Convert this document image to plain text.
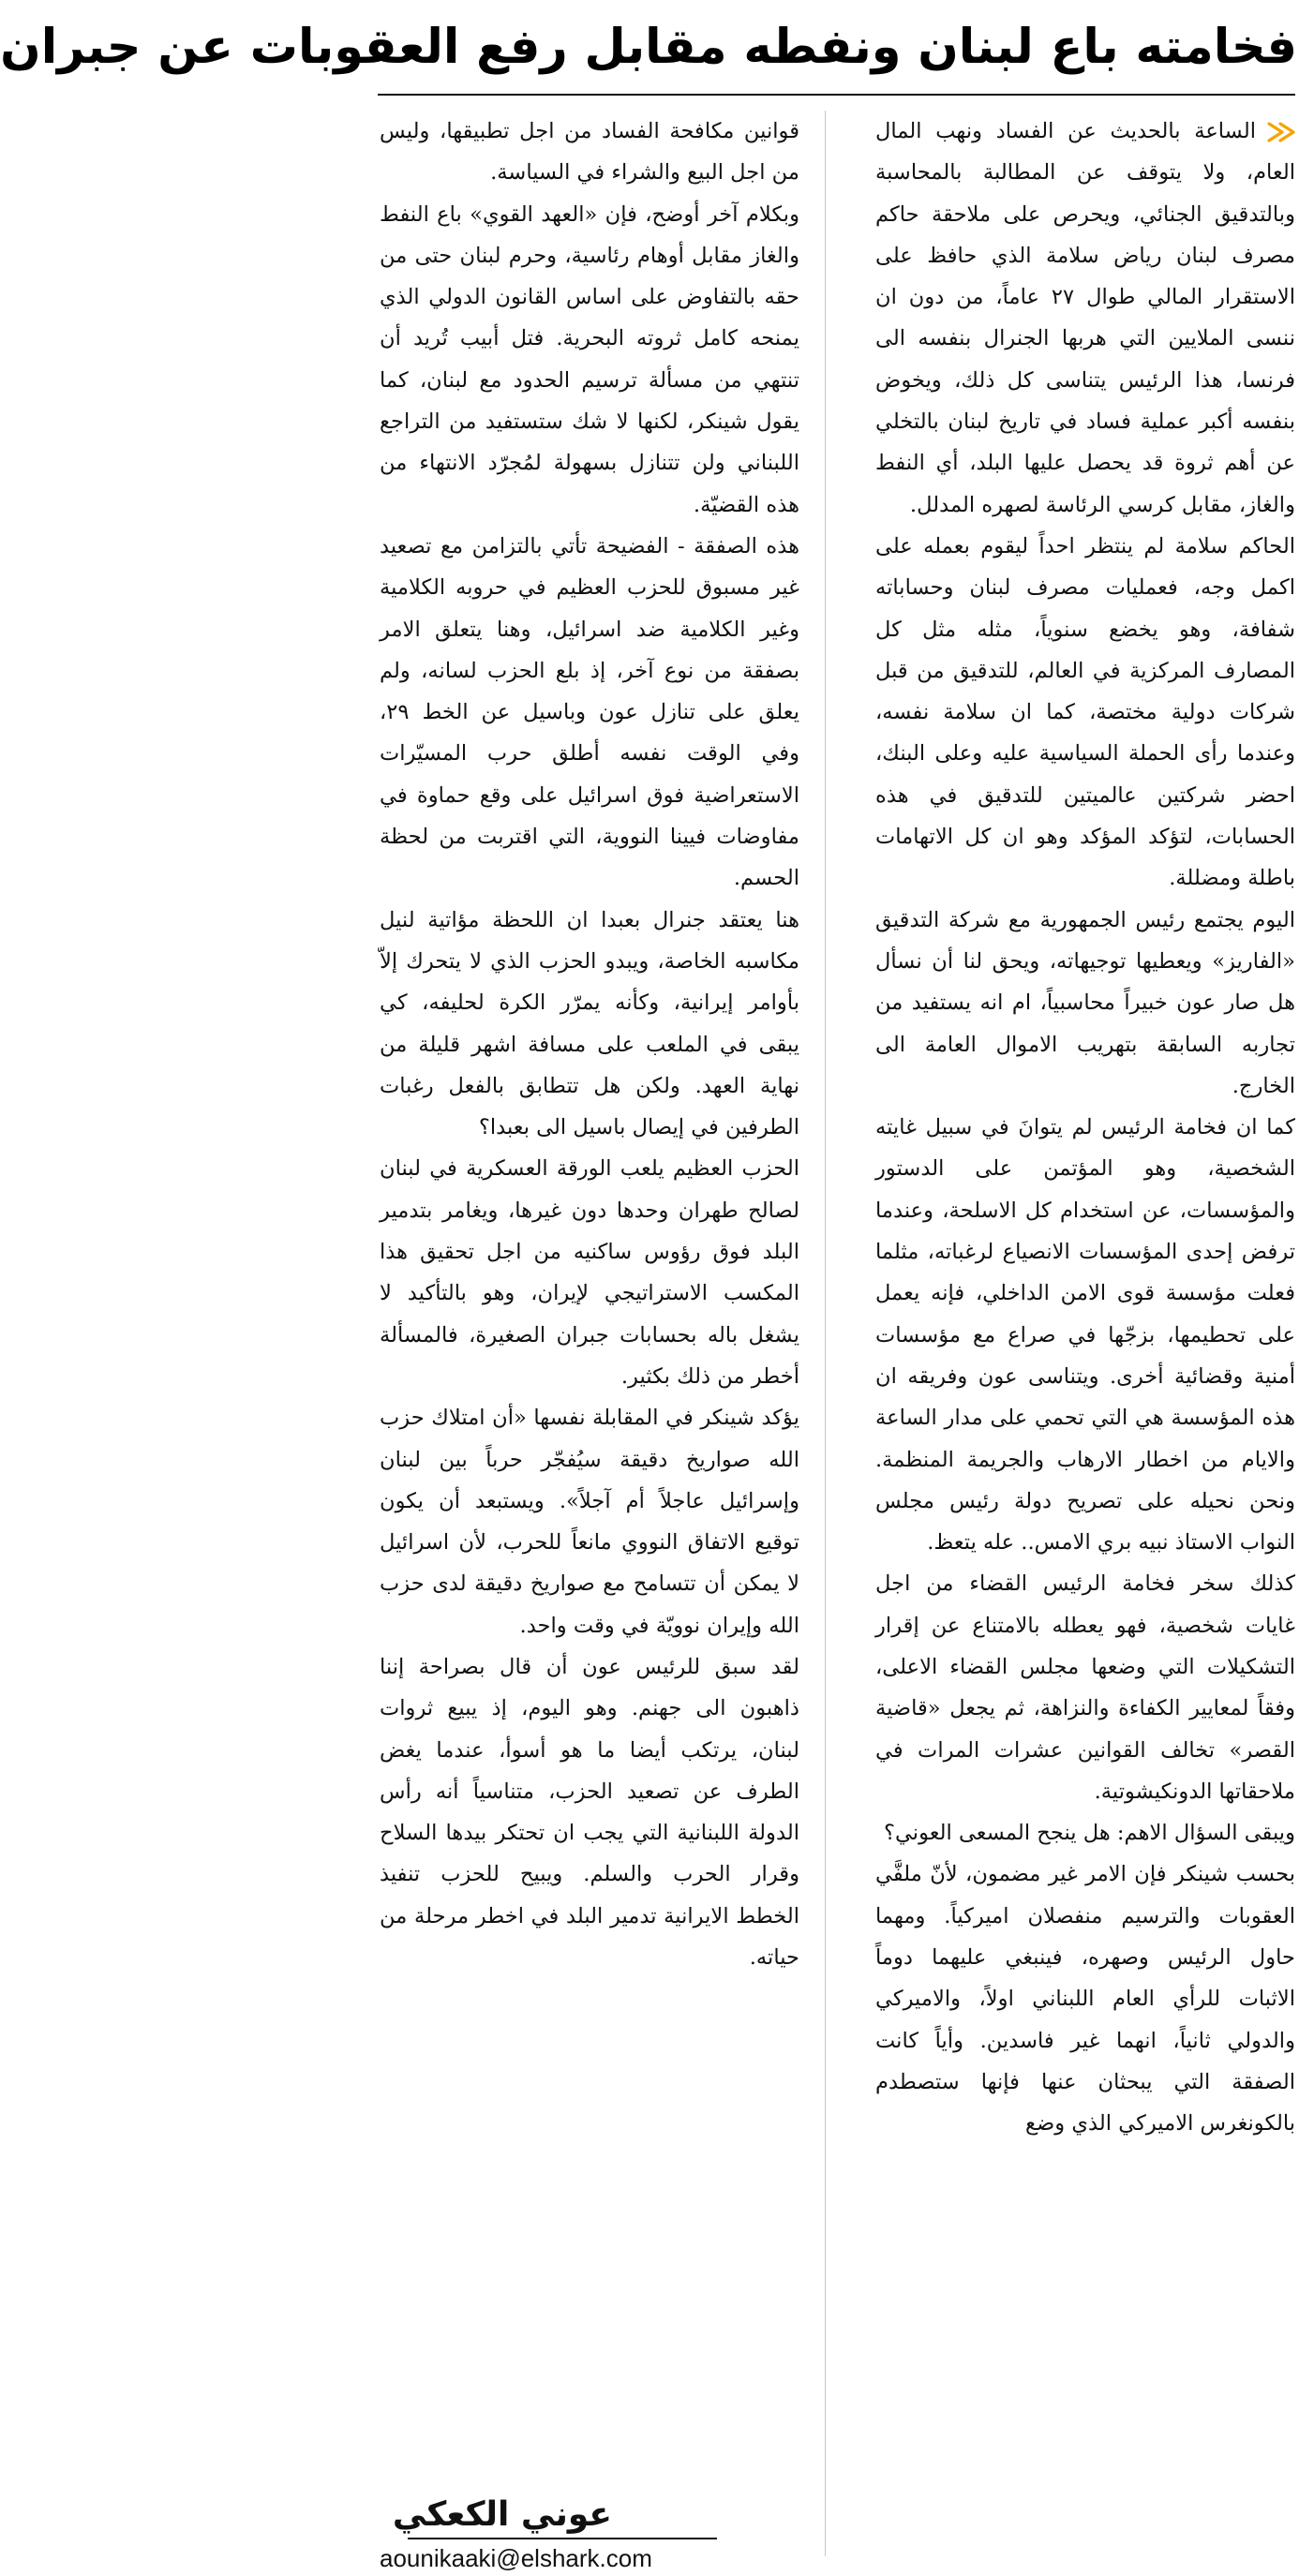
فخامته باع لبنان ونفطه مقابل رفع العقوبات عن جبران

الساعة بالحديث عن الفساد ونهب المال العام، ولا يتوقف عن المطالبة بالمحاسبة وبالتدقيق الجنائي، ويحرص على ملاحقة حاكم مصرف لبنان رياض سلامة الذي حافظ على الاستقرار المالي طوال ٢٧ عاماً، من دون ان ننسى الملايين التي هربها الجنرال بنفسه الى فرنسا، هذا الرئيس يتناسى كل ذلك، ويخوض بنفسه أكبر عملية فساد في تاريخ لبنان بالتخلي عن أهم ثروة قد يحصل عليها البلد، أي النفط والغاز، مقابل كرسي الرئاسة لصهره المدلل.

الحاكم سلامة لم ينتظر احداً ليقوم بعمله على اكمل وجه، فعمليات مصرف لبنان وحساباته شفافة، وهو يخضع سنوياً، مثله مثل كل المصارف المركزية في العالم، للتدقيق من قبل شركات دولية مختصة، كما ان سلامة نفسه، وعندما رأى الحملة السياسية عليه وعلى البنك، احضر شركتين عالميتين للتدقيق في هذه الحسابات، لتؤكد المؤكد وهو ان كل الاتهامات باطلة ومضللة.

اليوم يجتمع رئيس الجمهورية مع شركة التدقيق «الفاريز» ويعطيها توجيهاته، ويحق لنا أن نسأل هل صار عون خبيراً محاسبياً، ام انه يستفيد من تجاربه السابقة بتهريب الاموال العامة الى الخارج.

كما ان فخامة الرئيس لم يتوانَ في سبيل غايته الشخصية، وهو المؤتمن على الدستور والمؤسسات، عن استخدام كل الاسلحة، وعندما ترفض إحدى المؤسسات الانصياع لرغباته، مثلما فعلت مؤسسة قوى الامن الداخلي، فإنه يعمل على تحطيمها، بزجّها في صراع مع مؤسسات أمنية وقضائية أخرى. ويتناسى عون وفريقه ان هذه المؤسسة هي التي تحمي على مدار الساعة والايام من اخطار الارهاب والجريمة المنظمة. ونحن نحيله على تصريح دولة رئيس مجلس النواب الاستاذ نبيه بري الامس.. عله يتعظ.

كذلك سخر فخامة الرئيس القضاء من اجل غايات شخصية، فهو يعطله بالامتناع عن إقرار التشكيلات التي وضعها مجلس القضاء الاعلى، وفقاً لمعايير الكفاءة والنزاهة، ثم يجعل «قاضية القصر» تخالف القوانين عشرات المرات في ملاحقاتها الدونكيشوتية.

ويبقى السؤال الاهم: هل ينجح المسعى العوني؟

بحسب شينكر فإن الامر غير مضمون، لأنّ ملفَّي العقوبات والترسيم منفصلان اميركياً. ومهما حاول الرئيس وصهره، فينبغي عليهما دوماً الاثبات للرأي العام اللبناني اولاً، والاميركي والدولي ثانياً، انهما غير فاسدين. وأياً كانت الصفقة التي يبحثان عنها فإنها ستصطدم بالكونغرس الاميركي الذي وضع

قوانين مكافحة الفساد من اجل تطبيقها، وليس من اجل البيع والشراء في السياسة.

وبكلام آخر أوضح، فإن «العهد القوي» باع النفط والغاز مقابل أوهام رئاسية، وحرم لبنان حتى من حقه بالتفاوض على اساس القانون الدولي الذي يمنحه كامل ثروته البحرية. فتل أبيب تُريد أن تنتهي من مسألة ترسيم الحدود مع لبنان، كما يقول شينكر، لكنها لا شك ستستفيد من التراجع اللبناني ولن تتنازل بسهولة لمُجرّد الانتهاء من هذه القضيّة.

هذه الصفقة - الفضيحة تأتي بالتزامن مع تصعيد غير مسبوق للحزب العظيم في حروبه الكلامية وغير الكلامية ضد اسرائيل، وهنا يتعلق الامر بصفقة من نوع آخر، إذ بلع الحزب لسانه، ولم يعلق على تنازل عون وباسيل عن الخط ٢٩، وفي الوقت نفسه أطلق حرب المسيّرات الاستعراضية فوق اسرائيل على وقع حماوة في مفاوضات فيينا النووية، التي اقتربت من لحظة الحسم.

هنا يعتقد جنرال بعبدا ان اللحظة مؤاتية لنيل مكاسبه الخاصة، ويبدو الحزب الذي لا يتحرك إلاّ بأوامر إيرانية، وكأنه يمرّر الكرة لحليفه، كي يبقى في الملعب على مسافة اشهر قليلة من نهاية العهد. ولكن هل تتطابق بالفعل رغبات الطرفين في إيصال باسيل الى بعبدا؟

الحزب العظيم يلعب الورقة العسكرية في لبنان لصالح طهران وحدها دون غيرها، ويغامر بتدمير البلد فوق رؤوس ساكنيه من اجل تحقيق هذا المكسب الاستراتيجي لإيران، وهو بالتأكيد لا يشغل باله بحسابات جبران الصغيرة، فالمسألة أخطر من ذلك بكثير.

يؤكد شينكر في المقابلة نفسها «أن امتلاك حزب الله صواريخ دقيقة سيُفجّر حرباً بين لبنان وإسرائيل عاجلاً أم آجلاً». ويستبعد أن يكون توقيع الاتفاق النووي مانعاً للحرب، لأن اسرائيل لا يمكن أن تتسامح مع صواريخ دقيقة لدى حزب الله وإيران نوويّة في وقت واحد.

لقد سبق للرئيس عون أن قال بصراحة إننا ذاهبون الى جهنم. وهو اليوم، إذ يبيع ثروات لبنان، يرتكب أيضا ما هو أسوأ، عندما يغض الطرف عن تصعيد الحزب، متناسياً أنه رأس الدولة اللبنانية التي يجب ان تحتكر بيدها السلاح وقرار الحرب والسلم. ويبيح للحزب تنفيذ الخطط الايرانية تدمير البلد في اخطر مرحلة من حياته.

عوني الكعكي
aounikaaki@elshark.com
